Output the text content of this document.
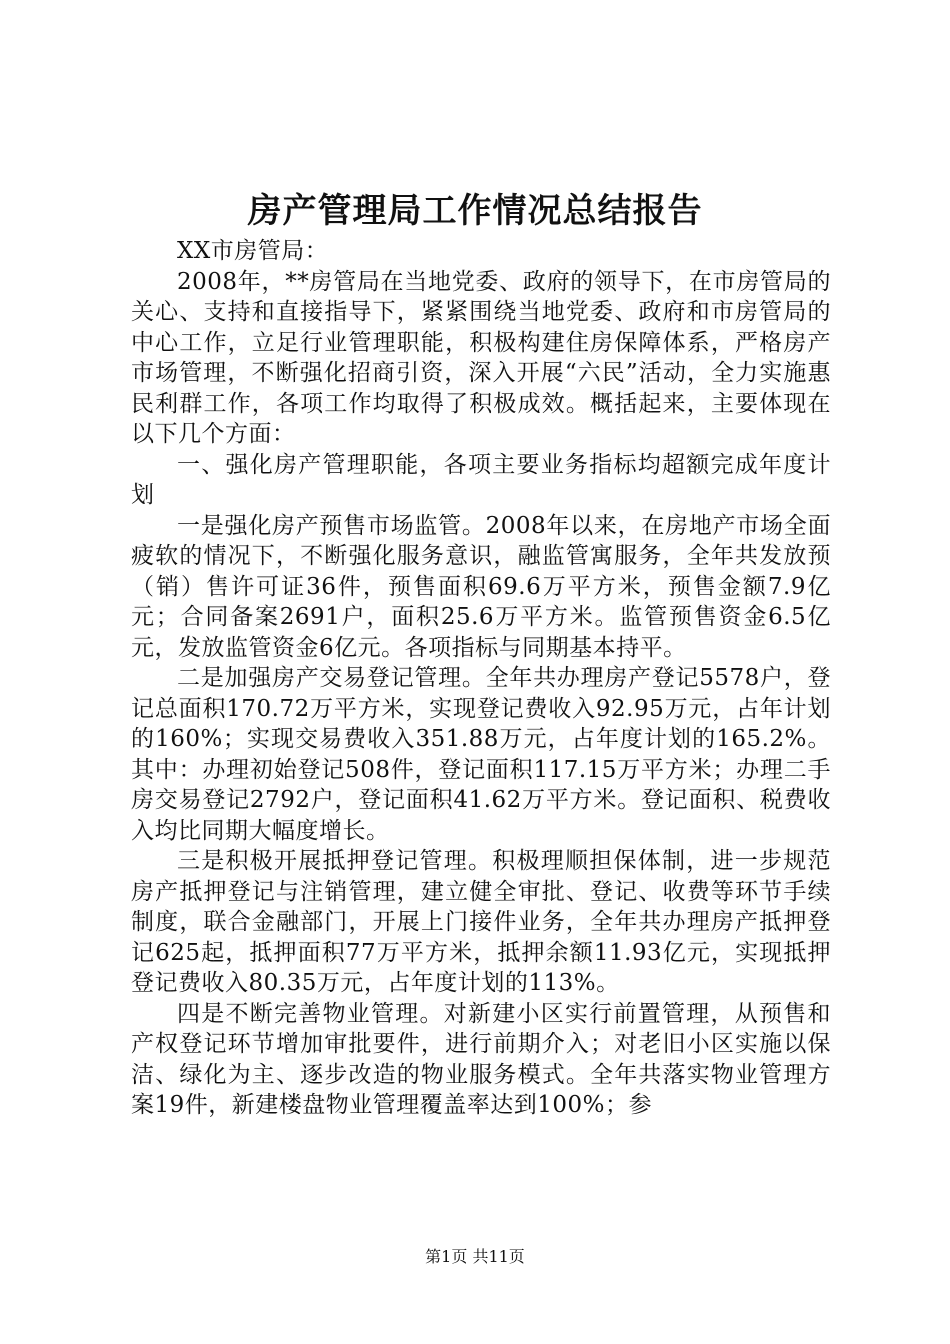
房产管理局工作情况总结报告

XX市房管局：

2008年，**房管局在当地党委、政府的领导下，在市房管局的关心、支持和直接指导下，紧紧围绕当地党委、政府和市房管局的中心工作，立足行业管理职能，积极构建住房保障体系，严格房产市场管理，不断强化招商引资，深入开展“六民”活动，全力实施惠民利群工作，各项工作均取得了积极成效。概括起来，主要体现在以下几个方面：

一、强化房产管理职能，各项主要业务指标均超额完成年度计划

一是强化房产预售市场监管。2008年以来，在房地产市场全面疲软的情况下，不断强化服务意识，融监管寓服务，全年共发放预（销）售许可证36件，预售面积69.6万平方米，预售金额7.9亿元；合同备案2691户，面积25.6万平方米。监管预售资金6.5亿元，发放监管资金6亿元。各项指标与同期基本持平。

二是加强房产交易登记管理。全年共办理房产登记5578户，登记总面积170.72万平方米，实现登记费收入92.95万元，占年计划的160%；实现交易费收入351.88万元，占年度计划的165.2%。其中：办理初始登记508件，登记面积117.15万平方米；办理二手房交易登记2792户，登记面积41.62万平方米。登记面积、税费收入均比同期大幅度增长。

三是积极开展抵押登记管理。积极理顺担保体制，进一步规范房产抵押登记与注销管理，建立健全审批、登记、收费等环节手续制度，联合金融部门，开展上门接件业务，全年共办理房产抵押登记625起，抵押面积77万平方米，抵押余额11.93亿元，实现抵押登记费收入80.35万元，占年度计划的113%。

四是不断完善物业管理。对新建小区实行前置管理，从预售和产权登记环节增加审批要件，进行前期介入；对老旧小区实施以保洁、绿化为主、逐步改造的物业服务模式。全年共落实物业管理方案19件，新建楼盘物业管理覆盖率达到100%；参

第1页 共11页
